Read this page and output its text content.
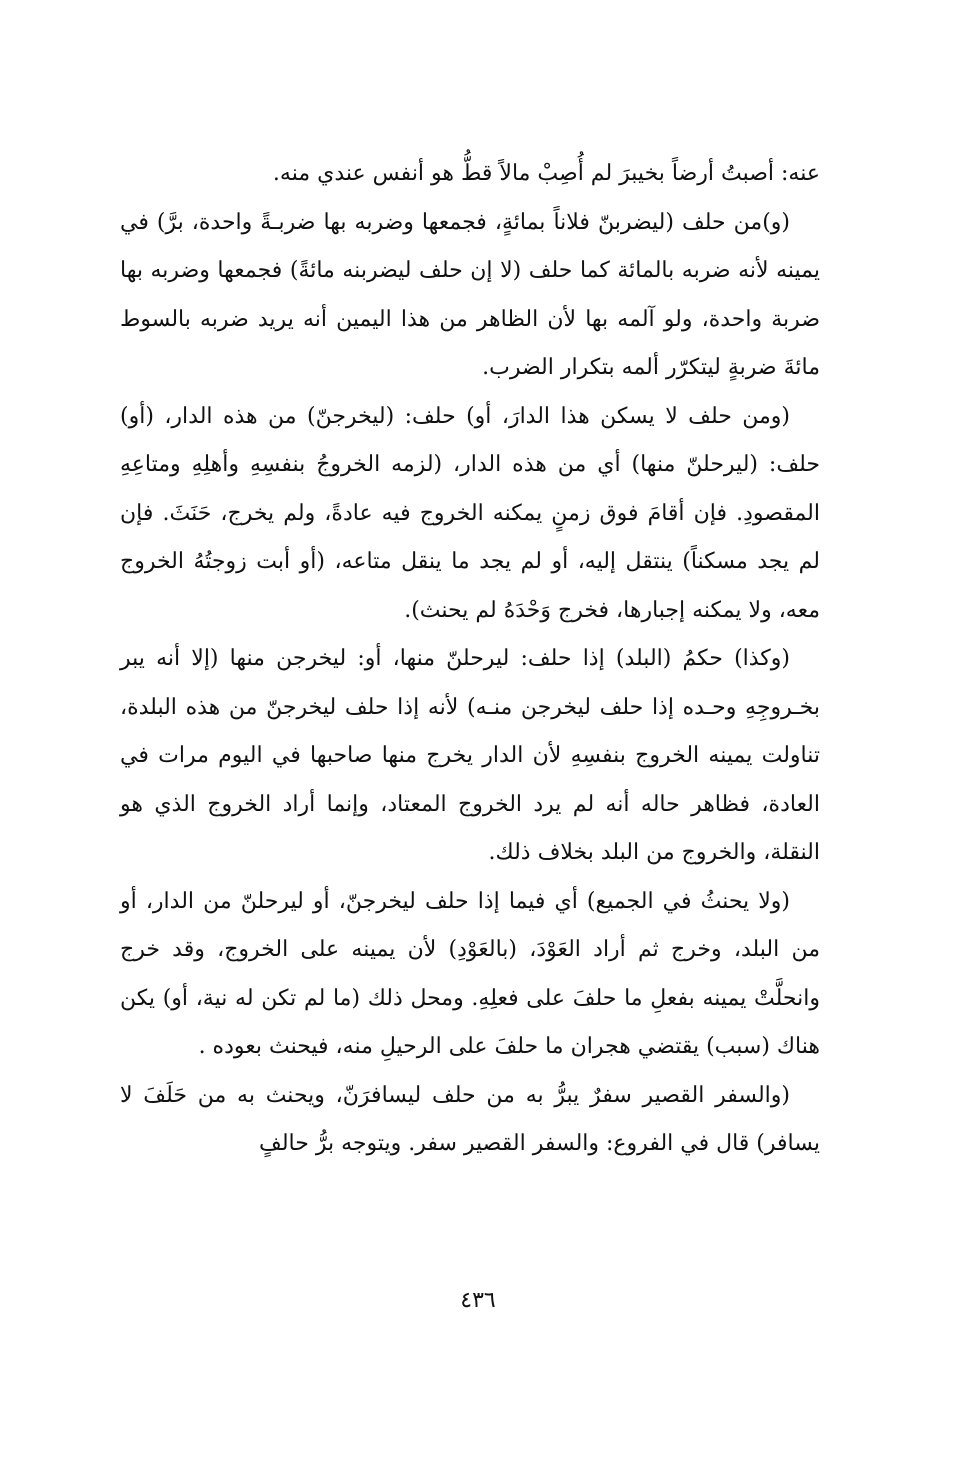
عنه: أصبتُ أرضاً بخيبرَ لم أُصِبْ مالاً قطُّ هو أنفس عندي منه.

(و)من حلف (ليضربنّ فلاناً بمائةٍ، فجمعها وضربه بها ضربـةً واحدة، برَّ) في يمينه لأنه ضربه بالمائة كما حلف (لا إن حلف ليضربنه مائةً) فجمعها وضربه بها ضربة واحدة، ولو آلمه بها لأن الظاهر من هذا اليمين أنه يريد ضربه بالسوط مائةَ ضربةٍ ليتكرّر ألمه بتكرار الضرب.

(ومن حلف لا يسكن هذا الدارَ، أو) حلف: (ليخرجنّ) من هذه الدار، (أو) حلف: (ليرحلنّ منها) أي من هذه الدار، (لزمه الخروجُ بنفسِهِ وأهلِهِ ومتاعِهِ المقصودِ. فإن أقامَ فوق زمنٍ يمكنه الخروج فيه عادةً، ولم يخرج، حَنَثَ. فإن لم يجد مسكناً) ينتقل إليه، أو لم يجد ما ينقل متاعه، (أو أبت زوجتُهُ الخروج معه، ولا يمكنه إجبارها، فخرج وَحْدَهُ لم يحنث).

(وكذا) حكمُ (البلد) إذا حلف: ليرحلنّ منها، أو: ليخرجن منها (إلا أنه يبر بخـروجِهِ وحـده إذا حلف ليخرجن منـه) لأنه إذا حلف ليخرجنّ من هذه البلدة، تناولت يمينه الخروج بنفسِهِ لأن الدار يخرج منها صاحبها في اليوم مرات في العادة، فظاهر حاله أنه لم يرد الخروج المعتاد، وإنما أراد الخروج الذي هو النقلة، والخروج من البلد بخلاف ذلك.

(ولا يحنثُ في الجميع) أي فيما إذا حلف ليخرجنّ، أو ليرحلنّ من الدار، أو من البلد، وخرج ثم أراد العَوْدَ، (بالعَوْدِ) لأن يمينه على الخروج، وقد خرج وانحلَّتْ يمينه بفعلِ ما حلفَ على فعلِهِ. ومحل ذلك (ما لم تكن له نية، أو) يكن هناك (سبب) يقتضي هجران ما حلفَ على الرحيلِ منه، فيحنث بعوده .

(والسفر القصير سفرٌ يبرُّ به من حلف ليسافرَنّ، ويحنث به من حَلَفَ لا يسافر) قال في الفروع: والسفر القصير سفر. ويتوجه برُّ حالفٍ

٤٣٦
